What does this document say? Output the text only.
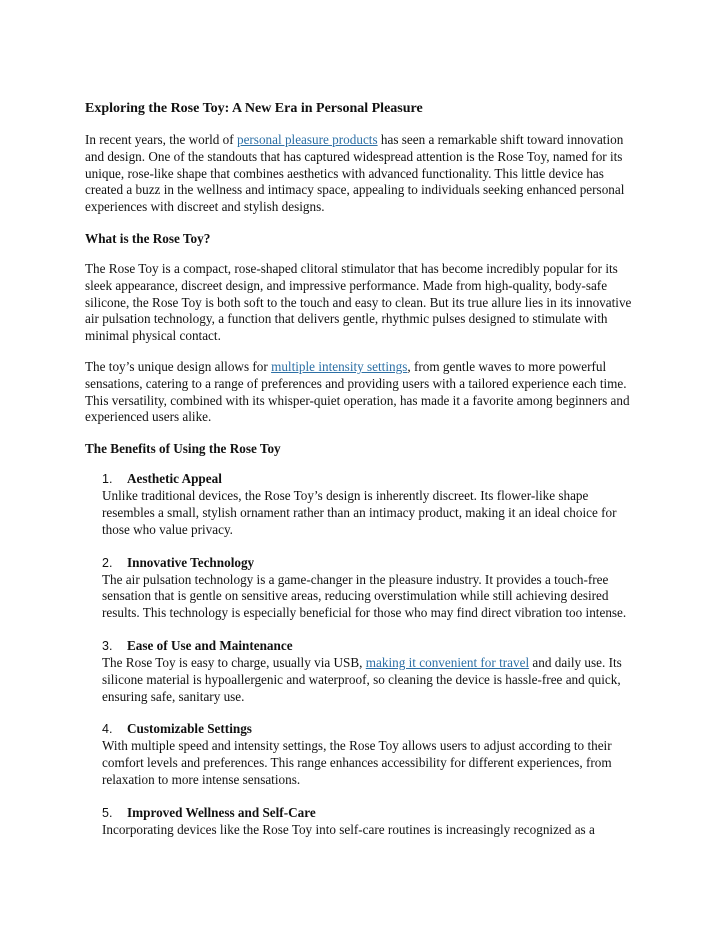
Exploring the Rose Toy: A New Era in Personal Pleasure

In recent years, the world of personal pleasure products has seen a remarkable shift toward innovation and design. One of the standouts that has captured widespread attention is the Rose Toy, named for its unique, rose-like shape that combines aesthetics with advanced functionality. This little device has created a buzz in the wellness and intimacy space, appealing to individuals seeking enhanced personal experiences with discreet and stylish designs.

What is the Rose Toy?

The Rose Toy is a compact, rose-shaped clitoral stimulator that has become incredibly popular for its sleek appearance, discreet design, and impressive performance. Made from high-quality, body-safe silicone, the Rose Toy is both soft to the touch and easy to clean. But its true allure lies in its innovative air pulsation technology, a function that delivers gentle, rhythmic pulses designed to stimulate with minimal physical contact.

The toy’s unique design allows for multiple intensity settings, from gentle waves to more powerful sensations, catering to a range of preferences and providing users with a tailored experience each time. This versatility, combined with its whisper-quiet operation, has made it a favorite among beginners and experienced users alike.

The Benefits of Using the Rose Toy
1. Aesthetic Appeal
Unlike traditional devices, the Rose Toy’s design is inherently discreet. Its flower-like shape resembles a small, stylish ornament rather than an intimacy product, making it an ideal choice for those who value privacy.
2. Innovative Technology
The air pulsation technology is a game-changer in the pleasure industry. It provides a touch-free sensation that is gentle on sensitive areas, reducing overstimulation while still achieving desired results. This technology is especially beneficial for those who may find direct vibration too intense.
3. Ease of Use and Maintenance
The Rose Toy is easy to charge, usually via USB, making it convenient for travel and daily use. Its silicone material is hypoallergenic and waterproof, so cleaning the device is hassle-free and quick, ensuring safe, sanitary use.
4. Customizable Settings
With multiple speed and intensity settings, the Rose Toy allows users to adjust according to their comfort levels and preferences. This range enhances accessibility for different experiences, from relaxation to more intense sensations.
5. Improved Wellness and Self-Care
Incorporating devices like the Rose Toy into self-care routines is increasingly recognized as a
